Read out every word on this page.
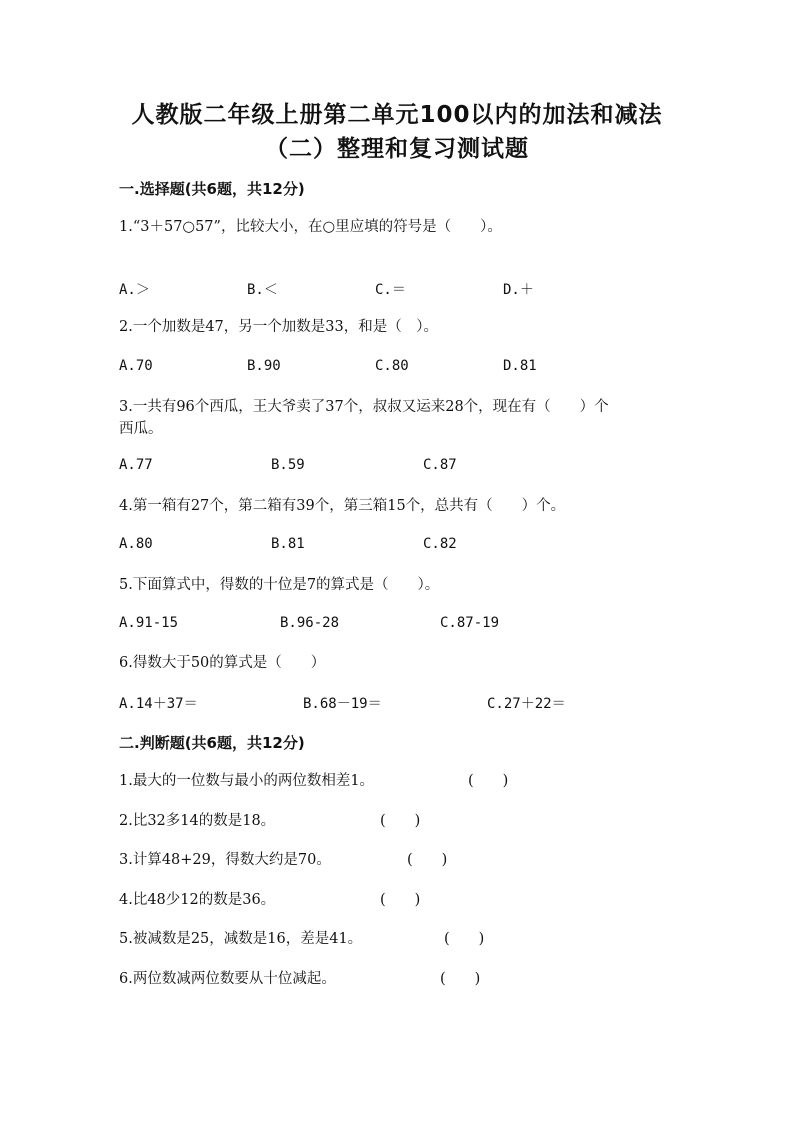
人教版二年级上册第二单元100以内的加法和减法
（二）整理和复习测试题
一.选择题(共6题，共12分)
1.“3＋57○57”，比较大小，在○里应填的符号是（　　）。
A.＞	B.＜	C.＝	D.＋
2.一个加数是47，另一个加数是33，和是（　）。
A.70	B.90	C.80	D.81
3.一共有96个西瓜，王大爷卖了37个，叔叔又运来28个，现在有（　　）个
西瓜。
A.77	B.59	C.87
4.第一箱有27个，第二箱有39个，第三箱15个，总共有（　　）个。
A.80	B.81	C.82
5.下面算式中，得数的十位是7的算式是（　　）。
A.91-15	B.96-28	C.87-19
6.得数大于50的算式是（　　）
A.14＋37＝	B.68－19＝	C.27＋22＝
二.判断题(共6题，共12分)
1.最大的一位数与最小的两位数相差1。	(　　)
2.比32多14的数是18。	(　　)
3.计算48+29，得数大约是70。	(　　)
4.比48少12的数是36。	(　　)
5.被减数是25，减数是16，差是41。	(　　)
6.两位数减两位数要从十位减起。	(　　)
